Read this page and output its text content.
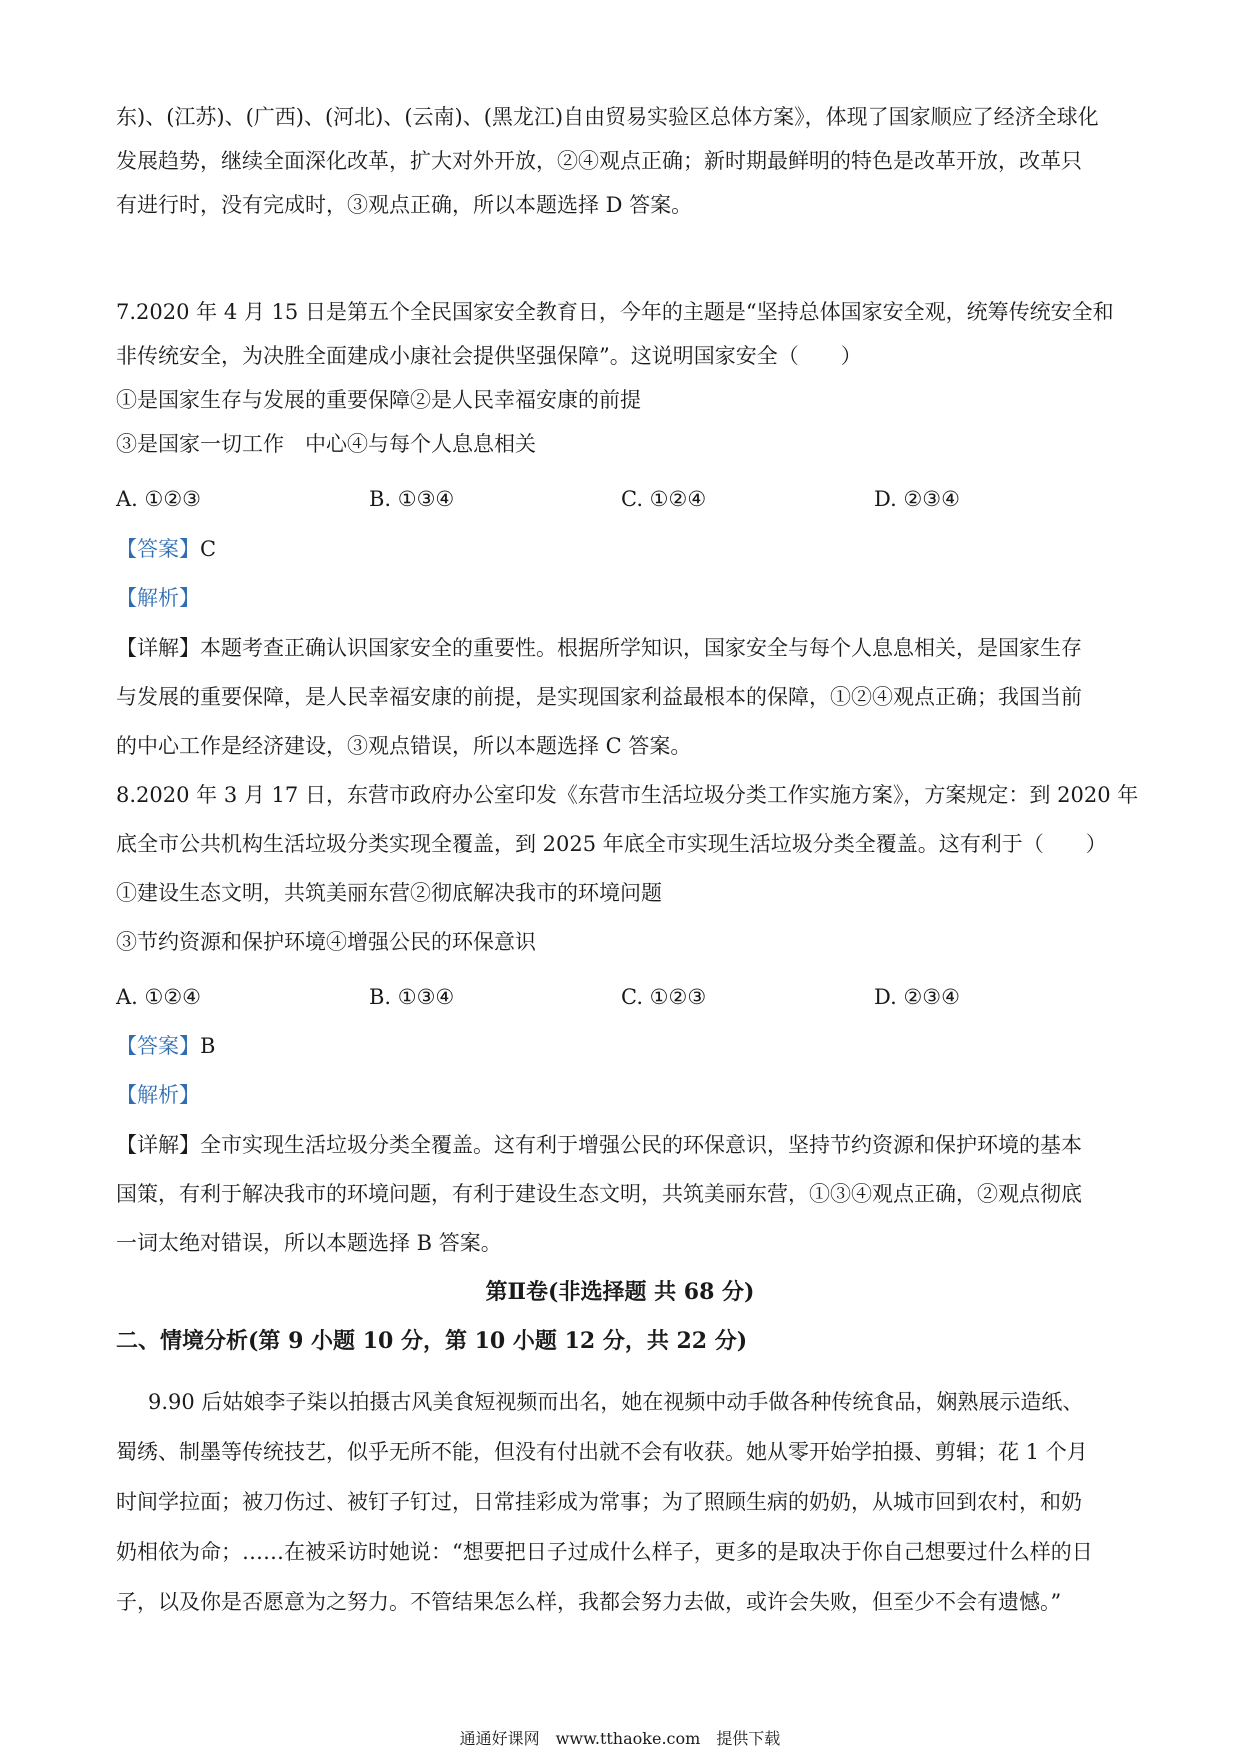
东)、(江苏)、(广西)、(河北)、(云南)、(黑龙江)自由贸易实验区总体方案》，体现了国家顺应了经济全球化
发展趋势，继续全面深化改革，扩大对外开放，②④观点正确；新时期最鲜明的特色是改革开放，改革只
有进行时，没有完成时，③观点正确，所以本题选择 D 答案。
7.2020 年 4 月 15 日是第五个全民国家安全教育日，今年的主题是“坚持总体国家安全观，统筹传统安全和
非传统安全，为决胜全面建成小康社会提供坚强保障”。这说明国家安全（　　）
①是国家生存与发展的重要保障②是人民幸福安康的前提
③是国家一切工作　中心④与每个人息息相关
A. ①②③	B. ①③④	C. ①②④	D. ②③④
【答案】C
【解析】
【详解】本题考查正确认识国家安全的重要性。根据所学知识，国家安全与每个人息息相关，是国家生存
与发展的重要保障，是人民幸福安康的前提，是实现国家利益最根本的保障，①②④观点正确；我国当前
的中心工作是经济建设，③观点错误，所以本题选择 C 答案。
8.2020 年 3 月 17 日，东营市政府办公室印发《东营市生活垃圾分类工作实施方案》，方案规定：到 2020 年
底全市公共机构生活垃圾分类实现全覆盖，到 2025 年底全市实现生活垃圾分类全覆盖。这有利于（　　）
①建设生态文明，共筑美丽东营②彻底解决我市的环境问题
③节约资源和保护环境④增强公民的环保意识
A. ①②④	B. ①③④	C. ①②③	D. ②③④
【答案】B
【解析】
【详解】全市实现生活垃圾分类全覆盖。这有利于增强公民的环保意识，坚持节约资源和保护环境的基本
国策，有利于解决我市的环境问题，有利于建设生态文明，共筑美丽东营，①③④观点正确，②观点彻底
一词太绝对错误，所以本题选择 B 答案。
第Ⅱ卷(非选择题 共 68 分)
二、情境分析(第 9 小题 10 分，第 10 小题 12 分，共 22 分)
9.90 后姑娘李子柒以拍摄古风美食短视频而出名，她在视频中动手做各种传统食品，娴熟展示造纸、
蜀绣、制墨等传统技艺，似乎无所不能，但没有付出就不会有收获。她从零开始学拍摄、剪辑；花 1 个月
时间学拉面；被刀伤过、被钉子钉过，日常挂彩成为常事；为了照顾生病的奶奶，从城市回到农村，和奶
奶相依为命；……在被采访时她说：“想要把日子过成什么样子，更多的是取决于你自己想要过什么样的日
子，以及你是否愿意为之努力。不管结果怎么样，我都会努力去做，或许会失败，但至少不会有遗憾。”
通通好课网　www.tthaoke.com　提供下载
